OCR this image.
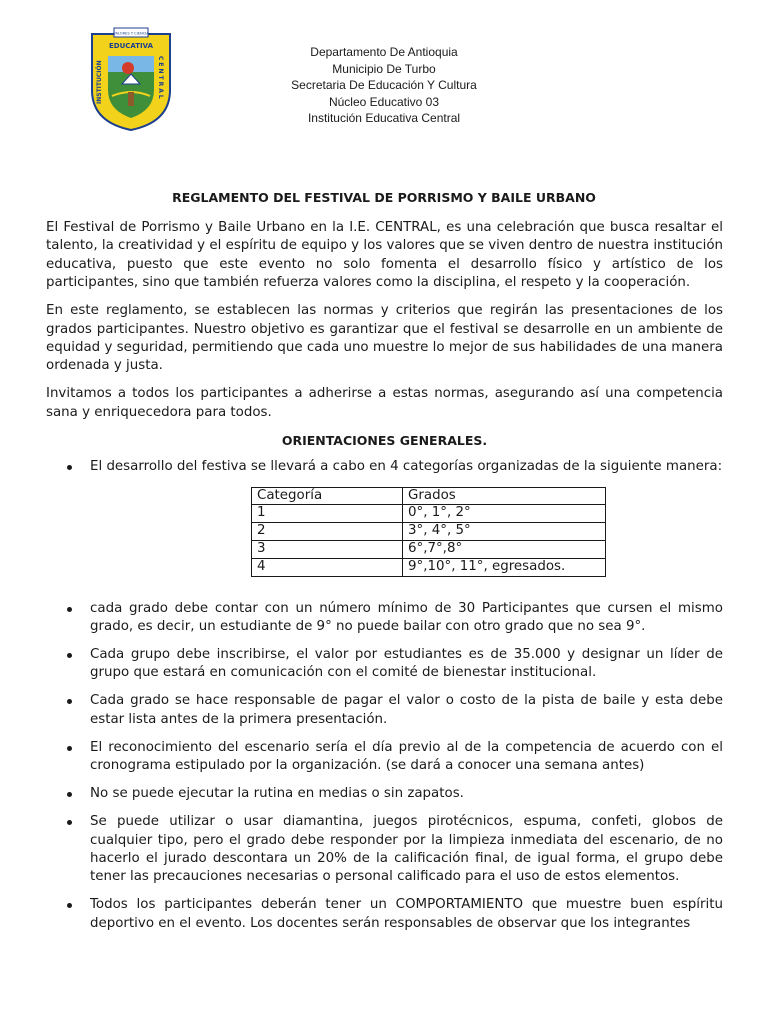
VALORES Y CIENCIA
EDUCATIVA
INSTITUCIÓN	CENTRAL
Departamento De Antioquia
Municipio De Turbo
Secretaria De Educación Y Cultura
Núcleo Educativo 03
Institución Educativa Central
REGLAMENTO DEL FESTIVAL DE PORRISMO Y BAILE URBANO

El Festival de Porrismo y Baile Urbano en la I.E. CENTRAL, es una celebración que busca resaltar el talento, la creatividad y el espíritu de equipo y los valores que se viven dentro de nuestra institución educativa, puesto que este evento no solo fomenta el desarrollo físico y artístico de los participantes, sino que también refuerza valores como la disciplina, el respeto y la cooperación.

En este reglamento, se establecen las normas y criterios que regirán las presentaciones de los grados participantes. Nuestro objetivo es garantizar que el festival se desarrolle en un ambiente de equidad y seguridad, permitiendo que cada uno muestre lo mejor de sus habilidades de una manera ordenada y justa.

Invitamos a todos los participantes a adherirse a estas normas, asegurando así una competencia sana y enriquecedora para todos.

ORIENTACIONES GENERALES.
El desarrollo del festiva se llevará a cabo en 4 categorías organizadas de la siguiente manera:
Categoría	Grados
1	0°, 1°, 2°
2	3°, 4°, 5°
3	6°,7°,8°
4	9°,10°, 11°, egresados.
cada grado debe contar con un número mínimo de 30 Participantes que cursen el mismo grado, es decir, un estudiante de 9° no puede bailar con otro grado que no sea 9°.
Cada grupo debe inscribirse, el valor por estudiantes es de 35.000 y designar un líder de grupo que estará en comunicación con el comité de bienestar institucional.
Cada grado se hace responsable de pagar el valor o costo de la pista de baile y esta debe estar lista antes de la primera presentación.
El reconocimiento del escenario sería el día previo al de la competencia de acuerdo con el cronograma estipulado por la organización. (se dará a conocer una semana antes)
No se puede ejecutar la rutina en medias o sin zapatos.
Se puede utilizar o usar diamantina, juegos pirotécnicos, espuma, confeti, globos de cualquier tipo, pero el grado debe responder por la limpieza inmediata del escenario, de no hacerlo el jurado descontara un 20% de la calificación final, de igual forma, el grupo debe tener las precauciones necesarias o personal calificado para el uso de estos elementos.
Todos los participantes deberán tener un COMPORTAMIENTO que muestre buen espíritu deportivo en el evento. Los docentes serán responsables de observar que los integrantes
